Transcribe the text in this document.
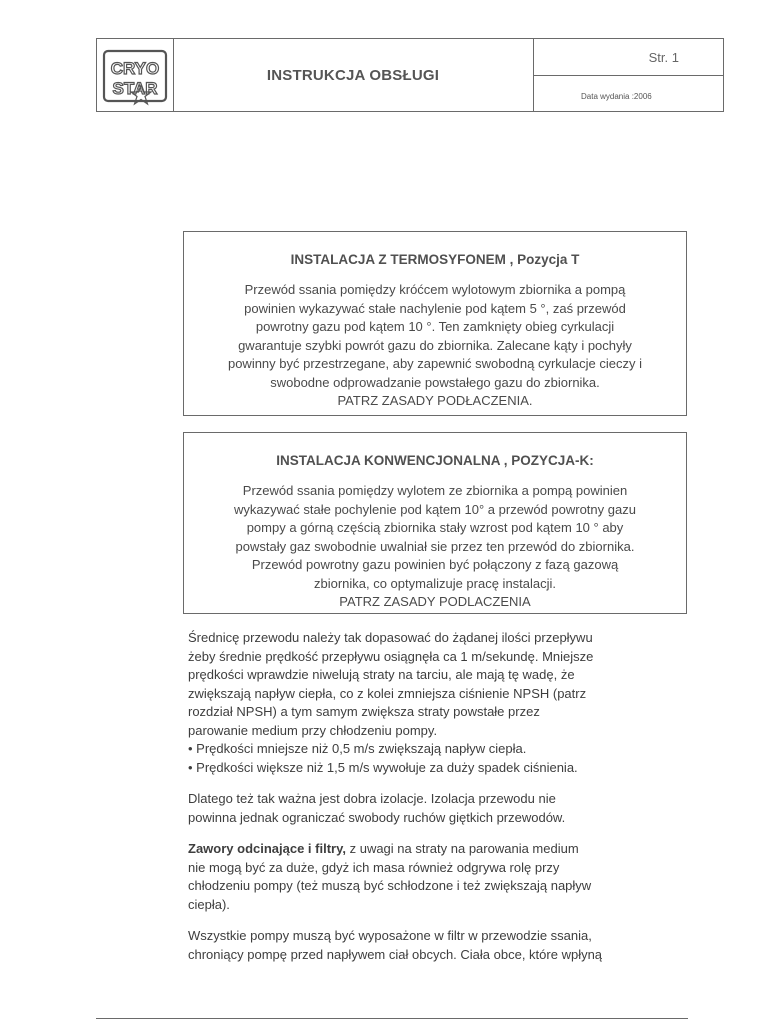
CRYO
STAR
INSTRUKCJA OBSŁUGI
Str. 1
Data wydania :2006
INSTALACJA Z TERMOSYFONEM , Pozycja T
Przewód ssania pomiędzy króćcem wylotowym zbiornika a pompą
powinien wykazywać stałe nachylenie pod kątem 5 °, zaś przewód
powrotny gazu pod kątem 10 °. Ten zamknięty obieg cyrkulacji
gwarantuje szybki powrót gazu do zbiornika. Zalecane kąty i pochyły
powinny być przestrzegane, aby zapewnić swobodną cyrkulacje cieczy i
swobodne odprowadzanie powstałego gazu do zbiornika.
PATRZ ZASADY PODŁACZENIA.
INSTALACJA KONWENCJONALNA , POZYCJA-K:
Przewód ssania pomiędzy wylotem ze zbiornika a pompą powinien
wykazywać stałe pochylenie pod kątem 10° a przewód powrotny gazu
pompy a górną częścią zbiornika stały wzrost pod kątem 10 ° aby
powstały gaz swobodnie uwalniał sie przez ten przewód do zbiornika.
Przewód powrotny gazu powinien być połączony z fazą gazową
zbiornika, co optymalizuje pracę instalacji.
PATRZ ZASADY PODLACZENIA
Średnicę przewodu należy tak dopasować do żądanej ilości przepływu
żeby średnie prędkość przepływu osiągnęła ca 1 m/sekundę. Mniejsze
prędkości wprawdzie niwelują straty na tarciu, ale mają tę wadę, że
zwiększają napływ ciepła, co z kolei zmniejsza ciśnienie NPSH (patrz
rozdział NPSH) a tym samym zwiększa straty powstałe przez
parowanie medium przy chłodzeniu pompy.
• Prędkości mniejsze niż 0,5 m/s zwiększają napływ ciepła.
• Prędkości większe niż 1,5 m/s wywołuje za duży spadek ciśnienia.
Dlatego też tak ważna jest dobra izolacje. Izolacja przewodu nie
powinna jednak ograniczać swobody ruchów giętkich przewodów.
Zawory odcinające i filtry, z uwagi na straty na parowania medium
nie mogą być za duże, gdyż ich masa również odgrywa rolę przy
chłodzeniu pompy (też muszą być schłodzone i też zwiększają napływ
ciepła).
Wszystkie pompy muszą być wyposażone w filtr w przewodzie ssania,
chroniący pompę przed napływem ciał obcych. Ciała obce, które wpłyną
